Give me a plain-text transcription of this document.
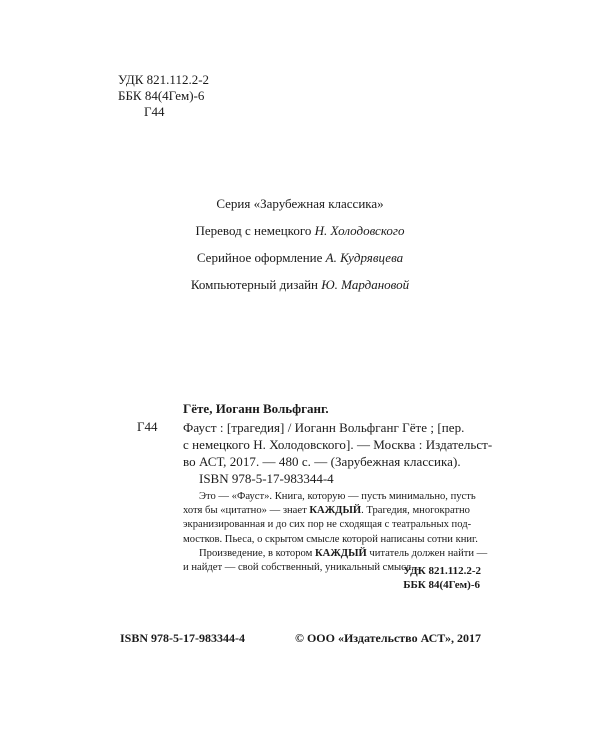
УДК 821.112.2-2
ББК 84(4Гем)-6
Г44
Серия «Зарубежная классика»
Перевод с немецкого Н. Холодовского
Серийное оформление А. Кудрявцева
Компьютерный дизайн Ю. Мардановой
Гёте, Иоганн Вольфганг.
Г44 Фауст : [трагедия] / Иоганн Вольфганг Гёте ; [пер.
с немецкого Н. Холодовского]. — Москва : Издательст-
во АСТ, 2017. — 480 с. — (Зарубежная классика).
ISBN 978-5-17-983344-4
Это — «Фауст». Книга, которую — пусть минимально, пусть
хотя бы «цитатно» — знает КАЖДЫЙ. Трагедия, многократно
экранизированная и до сих пор не сходящая с театральных под-
мостков. Пьеса, о скрытом смысле которой написаны сотни книг.
Произведение, в котором КАЖДЫЙ читатель должен найти —
и найдет — свой собственный, уникальный смысл...
УДК 821.112.2-2
ББК 84(4Гем)-6
ISBN 978-5-17-983344-4	© ООО «Издательство АСТ», 2017
